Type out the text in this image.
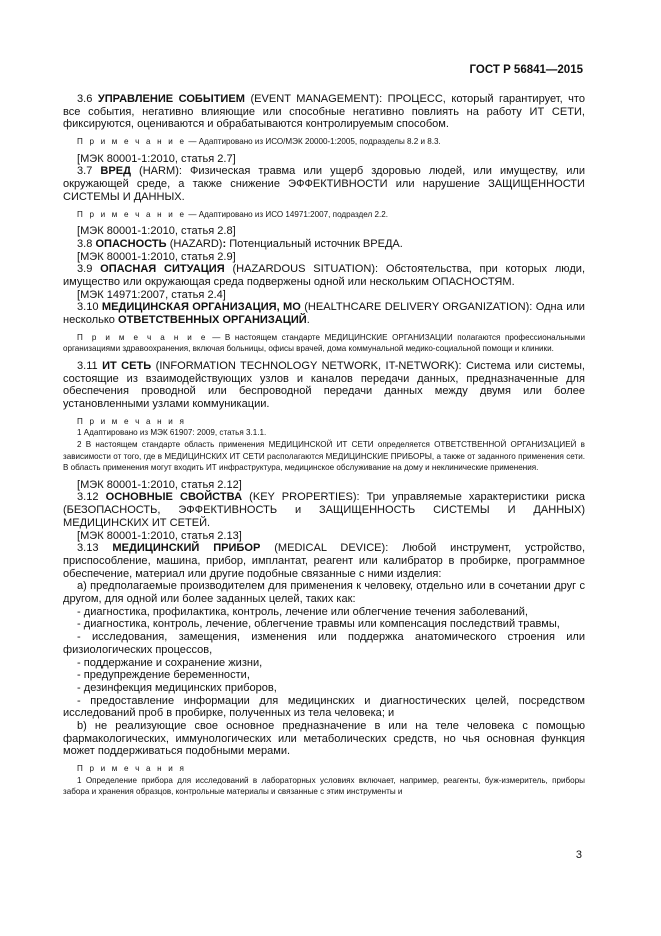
ГОСТ Р 56841—2015

3.6 УПРАВЛЕНИЕ СОБЫТИЕМ (EVENT MANAGEMENT): ПРОЦЕСС, который гарантирует, что все события, негативно влияющие или способные негативно повлиять на работу ИТ СЕТИ, фиксируются, оцениваются и обрабатываются контролируемым способом.

П р и м е ч а н и е — Адаптировано из ИСО/МЭК 20000-1:2005, подразделы 8.2 и 8.3.

[МЭК 80001-1:2010, статья 2.7]

3.7 ВРЕД (HARM): Физическая травма или ущерб здоровью людей, или имуществу, или окружающей среде, а также снижение ЭФФЕКТИВНОСТИ или нарушение ЗАЩИЩЕННОСТИ СИСТЕМЫ И ДАННЫХ.

П р и м е ч а н и е — Адаптировано из ИСО 14971:2007, подраздел 2.2.

[МЭК 80001-1:2010, статья 2.8]

3.8 ОПАСНОСТЬ (HAZARD): Потенциальный источник ВРЕДА.

[МЭК 80001-1:2010, статья 2.9]

3.9 ОПАСНАЯ СИТУАЦИЯ (HAZARDOUS SITUATION): Обстоятельства, при которых люди, имущество или окружающая среда подвержены одной или нескольким ОПАСНОСТЯМ.

[МЭК 14971:2007, статья 2.4]

3.10 МЕДИЦИНСКАЯ ОРГАНИЗАЦИЯ, МО (HEALTHCARE DELIVERY ORGANIZATION): Одна или несколько ОТВЕТСТВЕННЫХ ОРГАНИЗАЦИЙ.

П р и м е ч а н и е — В настоящем стандарте МЕДИЦИНСКИЕ ОРГАНИЗАЦИИ полагаются профессиональными организациями здравоохранения, включая больницы, офисы врачей, дома коммунальной медико-социальной помощи и клиники.

3.11 ИТ СЕТЬ (INFORMATION TECHNOLOGY NETWORK, IT-NETWORK): Система или системы, состоящие из взаимодействующих узлов и каналов передачи данных, предназначенные для обеспечения проводной или беспроводной передачи данных между двумя или более установленными узлами коммуникации.

П р и м е ч а н и я

1 Адаптировано из МЭК 61907: 2009, статья 3.1.1.

2 В настоящем стандарте область применения МЕДИЦИНСКОЙ ИТ СЕТИ определяется ОТВЕТСТВЕННОЙ ОРГАНИЗАЦИЕЙ в зависимости от того, где в МЕДИЦИНСКИХ ИТ СЕТИ располагаются МЕДИЦИНСКИЕ ПРИБОРЫ, а также от заданного применения сети. В область применения могут входить ИТ инфраструктура, медицинское обслуживание на дому и неклинические применения.

[МЭК 80001-1:2010, статья 2.12]

3.12 ОСНОВНЫЕ СВОЙСТВА (KEY PROPERTIES): Три управляемые характеристики риска (БЕЗОПАСНОСТЬ, ЭФФЕКТИВНОСТЬ и ЗАЩИЩЕННОСТЬ СИСТЕМЫ И ДАННЫХ) МЕДИЦИНСКИХ ИТ СЕТЕЙ.

[МЭК 80001-1:2010, статья 2.13]

3.13 МЕДИЦИНСКИЙ ПРИБОР (MEDICAL DEVICE): Любой инструмент, устройство, приспособление, машина, прибор, имплантат, реагент или калибратор в пробирке, программное обеспечение, материал или другие подобные связанные с ними изделия:

а) предполагаемые производителем для применения к человеку, отдельно или в сочетании друг с другом, для одной или более заданных целей, таких как:

- диагностика, профилактика, контроль, лечение или облегчение течения заболеваний,

- диагностика, контроль, лечение, облегчение травмы или компенсация последствий травмы,

- исследования, замещения, изменения или поддержка анатомического строения или физиологических процессов,

- поддержание и сохранение жизни,

- предупреждение беременности,

- дезинфекция медицинских приборов,

- предоставление информации для медицинских и диагностических целей, посредством исследований проб в пробирке, полученных из тела человека; и

b) не реализующие свое основное предназначение в или на теле человека с помощью фармакологических, иммунологических или метаболических средств, но чья основная функция может поддерживаться подобными мерами.

П р и м е ч а н и я

1 Определение прибора для исследований в лабораторных условиях включает, например, реагенты, буж-измеритель, приборы забора и хранения образцов, контрольные материалы и связанные с этим инструменты и

3
